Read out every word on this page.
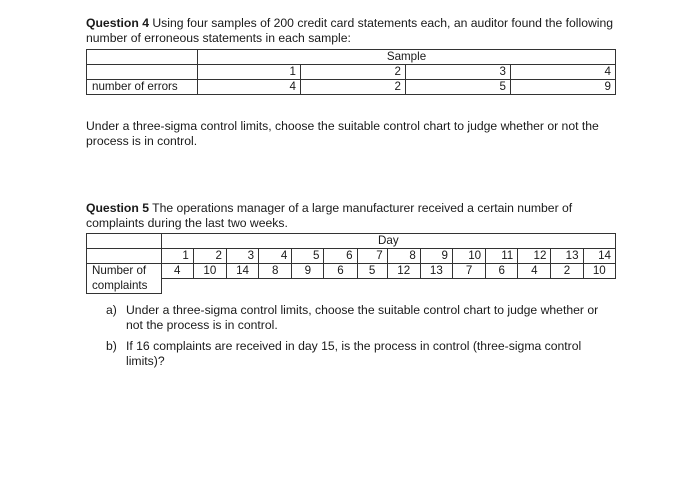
Question 4 Using four samples of 200 credit card statements each, an auditor found the following number of erroneous statements in each sample:

	Sample			
	1	2	3	4
number of errors	4	2	5	9

Under a three-sigma control limits, choose the suitable control chart to judge whether or not the process is in control.

Question 5 The operations manager of a large manufacturer received a certain number of complaints during the last two weeks.

	Day													
	1	2	3	4	5	6	7	8	9	10	11	12	13	14
Number of	4	10	14	8	9	6	5	12	13	7	6	4	2	10
complaints														
a) Under a three-sigma control limits, choose the suitable control chart to judge whether or not the process is in control.
b) If 16 complaints are received in day 15, is the process in control (three-sigma control limits)?
